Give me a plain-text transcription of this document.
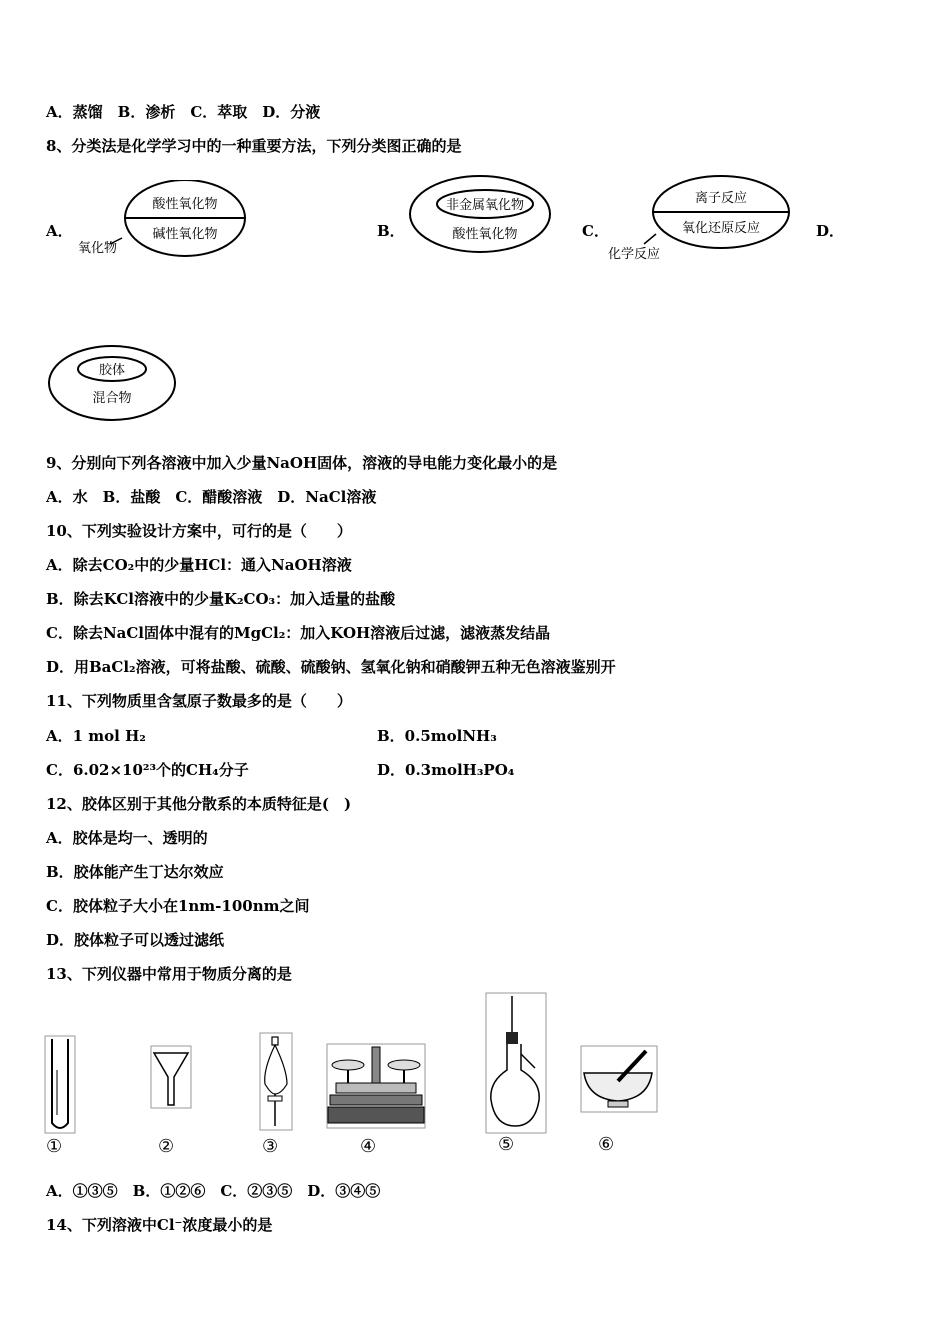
A．蒸馏　B．渗析　C．萃取　D．分液
8、分类法是化学学习中的一种重要方法，下列分类图正确的是
A．
酸性氧化物
碱性氧化物
氧化物
B．
非金属氧化物
酸性氧化物	C．
离子反应
氧化还原反应
化学反应
D．
胶体
混合物
9、分别向下列各溶液中加入少量NaOH固体，溶液的导电能力变化最小的是
A．水　B．盐酸　C．醋酸溶液　D．NaCl溶液
10、下列实验设计方案中，可行的是（　　）
A．除去CO₂中的少量HCl：通入NaOH溶液
B．除去KCl溶液中的少量K₂CO₃：加入适量的盐酸
C．除去NaCl固体中混有的MgCl₂：加入KOH溶液后过滤，滤液蒸发结晶
D．用BaCl₂溶液，可将盐酸、硫酸、硫酸钠、氢氧化钠和硝酸钾五种无色溶液鉴别开
11、下列物质里含氢原子数最多的是（　　）
A．1 mol H₂	B．0.5molNH₃
C．6.02×10²³个的CH₄分子	D．0.3molH₃PO₄
12、胶体区别于其他分散系的本质特征是(　)
A．胶体是均一、透明的
B．胶体能产生丁达尔效应
C．胶体粒子大小在1nm-100nm之间
D．胶体粒子可以透过滤纸
13、下列仪器中常用于物质分离的是
①	②	③	④	⑤	⑥
A．①③⑤　B．①②⑥　C．②③⑤　D．③④⑤
14、下列溶液中Cl⁻浓度最小的是
